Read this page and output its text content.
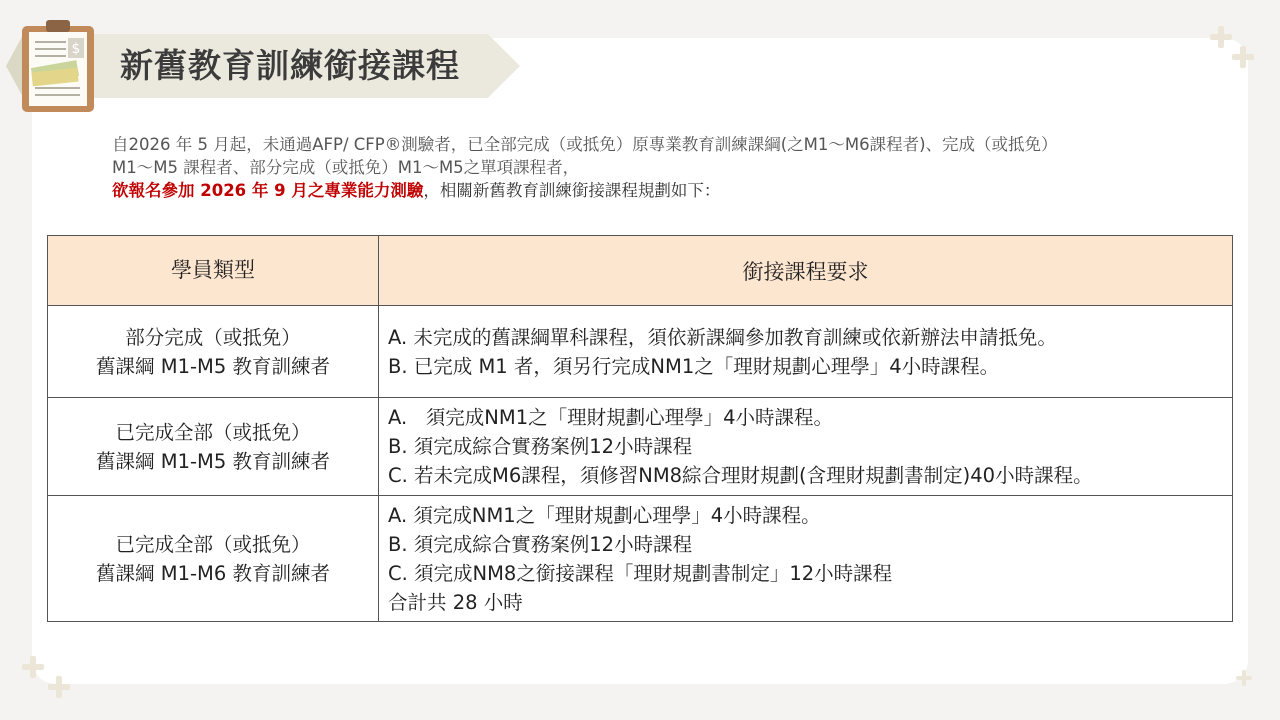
$ 新舊教育訓練銜接課程

自2026 年 5 月起，未通過AFP/ CFP®測驗者，已全部完成（或抵免）原專業教育訓練課綱(之M1～M6課程者)、完成（或抵免）

M1～M5 課程者、部分完成（或抵免）M1～M5之單項課程者，

欲報名參加 2026 年 9 月之專業能力測驗，相關新舊教育訓練銜接課程規劃如下：

學員類型	銜接課程要求

部分完成（或抵免）
舊課綱 M1-M5 教育訓練者	A. 未完成的舊課綱單科課程，須依新課綱參加教育訓練或依新辦法申請抵免。
B. 已完成 M1 者，須另行完成NM1之「理財規劃心理學」4小時課程。

已完成全部（或抵免）
舊課綱 M1-M5 教育訓練者	A.   須完成NM1之「理財規劃心理學」4小時課程。
B. 須完成綜合實務案例12小時課程
C. 若未完成M6課程，須修習NM8綜合理財規劃(含理財規劃書制定)40小時課程。

已完成全部（或抵免）
舊課綱 M1-M6 教育訓練者	A. 須完成NM1之「理財規劃心理學」4小時課程。
B. 須完成綜合實務案例12小時課程
C. 須完成NM8之銜接課程「理財規劃書制定」12小時課程
合計共 28 小時
